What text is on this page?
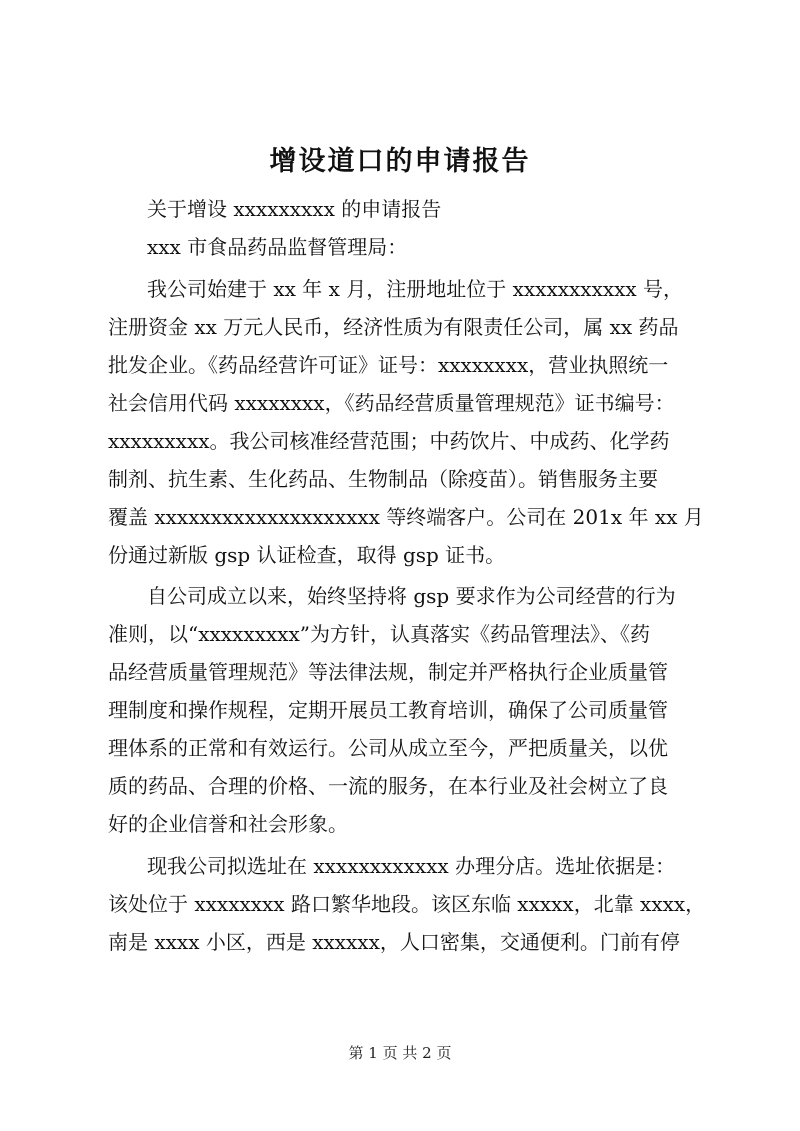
增设道口的申请报告
关于增设 xxxxxxxxx 的申请报告
xxx 市食品药品监督管理局：
我公司始建于 xx 年 x 月，注册地址位于 xxxxxxxxxxx 号，
注册资金 xx 万元人民币，经济性质为有限责任公司，属 xx 药品
批发企业。《药品经营许可证》证号：xxxxxxxx，营业执照统一
社会信用代码 xxxxxxxx，《药品经营质量管理规范》证书编号：
xxxxxxxxx。我公司核准经营范围；中药饮片、中成药、化学药
制剂、抗生素、生化药品、生物制品（除疫苗）。销售服务主要
覆盖 xxxxxxxxxxxxxxxxxxxx 等终端客户。公司在 201x 年 xx 月
份通过新版 gsp 认证检查，取得 gsp 证书。
自公司成立以来，始终坚持将 gsp 要求作为公司经营的行为
准则，以“xxxxxxxxx”为方针，认真落实《药品管理法》、《药
品经营质量管理规范》等法律法规，制定并严格执行企业质量管
理制度和操作规程，定期开展员工教育培训，确保了公司质量管
理体系的正常和有效运行。公司从成立至今，严把质量关，以优
质的药品、合理的价格、一流的服务，在本行业及社会树立了良
好的企业信誉和社会形象。
现我公司拟选址在 xxxxxxxxxxxx 办理分店。选址依据是：
该处位于 xxxxxxxx 路口繁华地段。该区东临 xxxxx，北靠 xxxx，
南是 xxxx 小区，西是 xxxxxx，人口密集，交通便利。门前有停
第 1 页 共 2 页
